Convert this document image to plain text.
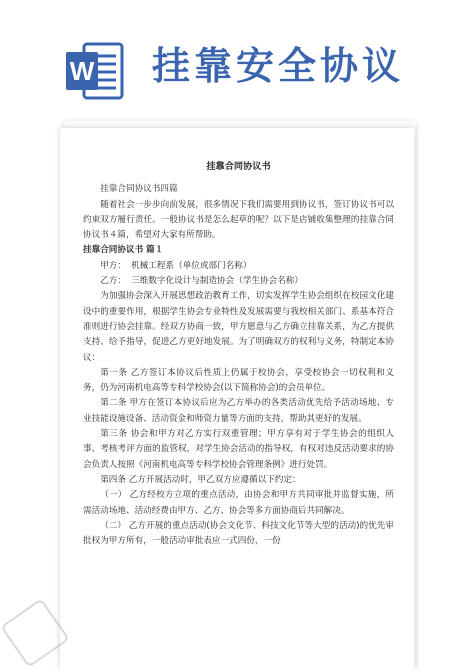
W 挂靠安全协议
挂靠合同协议书

挂靠合同协议书四篇

随着社会一步步向前发展，很多情况下我们需要用到协议书，签订协议书可以约束双方履行责任。一般协议书是怎么起草的呢？以下是店铺收集整理的挂靠合同协议书４篇，希望对大家有所帮助。

挂靠合同协议书 篇１

甲方： 机械工程系（单位或部门名称）

乙方： 三维数字化设计与制造协会（学生协会名称）

为加强协会深入开展思想政治教育工作，切实发挥学生协会组织在校园文化建设中的重要作用，根据学生协会专业特性及发展需要与我校相关部门、系基本符合准则进行协会挂靠。经双方协商一致，甲方愿意与乙方确立挂靠关系，为乙方提供支持、给予指导，促进乙方更好地发展。为了明确双方的权利与义务，特制定本协议：

第一条 乙方签订本协议后性质上仍属于校协会，享受校协会一切权利和义务，仍为河南机电高等专科学校协会(以下简称协会)的会员单位。

第二条 甲方在签订本协议后应为乙方举办的各类活动优先给予活动场地、专业技能设施设备、活动资金和师资力量等方面的支持，帮助其更好的发展。

第三条 协会和甲方对乙方实行双重管理；甲方享有对于学生协会的组织人事、考核考评方面的监管权，对学生协会活动的指导权，有权对违反活动要求的协会负责人按照《河南机电高等专科学校协会管理条例》进行处罚。

第四条 乙方开展活动时，甲乙双方应遵循以下约定：

（一） 乙方经校方立项的重点活动，由协会和甲方共同审批并监督实施，所需活动场地、活动经费由甲方、乙方、协会等多方面协商后共同解决。

（二） 乙方开展的重点活动(协会文化节、科技文化节等大型的活动)的优先审批权为甲方所有，一般活动审批表应一式四份，一份
